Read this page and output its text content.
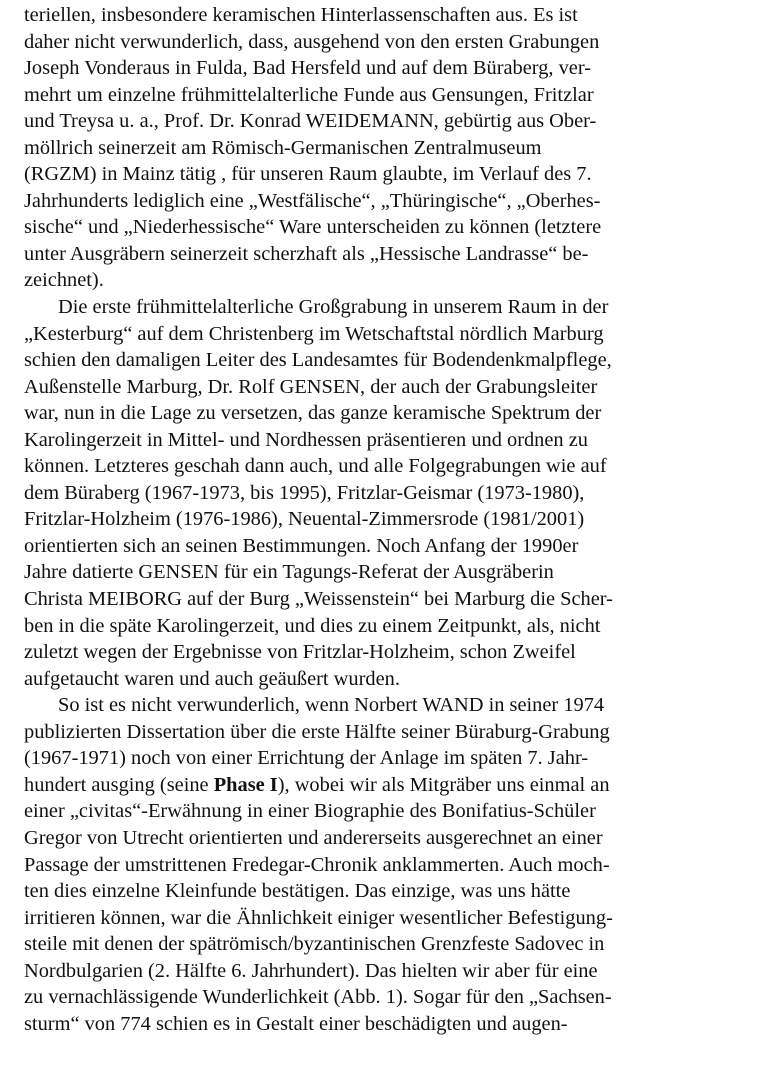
teriellen, insbesondere keramischen Hinterlassenschaften aus. Es ist
daher nicht verwunderlich, dass, ausgehend von den ersten Grabungen
Joseph Vonderaus in Fulda, Bad Hersfeld und auf dem Büraberg, ver-
mehrt um einzelne frühmittelalterliche Funde aus Gensungen, Fritzlar
und Treysa u. a., Prof. Dr. Konrad WEIDEMANN, gebürtig aus Ober-
möllrich seinerzeit am Römisch-Germanischen Zentralmuseum
(RGZM) in Mainz tätig , für unseren Raum glaubte, im Verlauf des 7.
Jahrhunderts lediglich eine „Westfälische“, „Thüringische“, „Oberhes-
sische“ und „Niederhessische“ Ware unterscheiden zu können (letztere
unter Ausgräbern seinerzeit scherzhaft als „Hessische Landrasse“ be-
zeichnet).
Die erste frühmittelalterliche Großgrabung in unserem Raum in der
„Kesterburg“ auf dem Christenberg im Wetschaftstal nördlich Marburg
schien den damaligen Leiter des Landesamtes für Bodendenkmalpflege,
Außenstelle Marburg, Dr. Rolf GENSEN, der auch der Grabungsleiter
war, nun in die Lage zu versetzen, das ganze keramische Spektrum der
Karolingerzeit in Mittel- und Nordhessen präsentieren und ordnen zu
können. Letzteres geschah dann auch, und alle Folgegrabungen wie auf
dem Büraberg (1967-1973, bis 1995), Fritzlar-Geismar (1973-1980),
Fritzlar-Holzheim (1976-1986), Neuental-Zimmersrode (1981/2001)
orientierten sich an seinen Bestimmungen. Noch Anfang der 1990er
Jahre datierte GENSEN für ein Tagungs-Referat der Ausgräberin
Christa MEIBORG auf der Burg „Weissenstein“ bei Marburg die Scher-
ben in die späte Karolingerzeit, und dies zu einem Zeitpunkt, als, nicht
zuletzt wegen der Ergebnisse von Fritzlar-Holzheim, schon Zweifel
aufgetaucht waren und auch geäußert wurden.
So ist es nicht verwunderlich, wenn Norbert WAND in seiner 1974
publizierten Dissertation über die erste Hälfte seiner Büraburg-Grabung
(1967-1971) noch von einer Errichtung der Anlage im späten 7. Jahr-
hundert ausging (seine Phase I), wobei wir als Mitgräber uns einmal an
einer „civitas“-Erwähnung in einer Biographie des Bonifatius-Schüler
Gregor von Utrecht orientierten und andererseits ausgerechnet an einer
Passage der umstrittenen Fredegar-Chronik anklammerten. Auch moch-
ten dies einzelne Kleinfunde bestätigen. Das einzige, was uns hätte
irritieren können, war die Ähnlichkeit einiger wesentlicher Befestigung-
steile mit denen der spätrömisch/byzantinischen Grenzfeste Sadovec in
Nordbulgarien (2. Hälfte 6. Jahrhundert). Das hielten wir aber für eine
zu vernachlässigende Wunderlichkeit (Abb. 1). Sogar für den „Sachsen-
sturm“ von 774 schien es in Gestalt einer beschädigten und augen-
